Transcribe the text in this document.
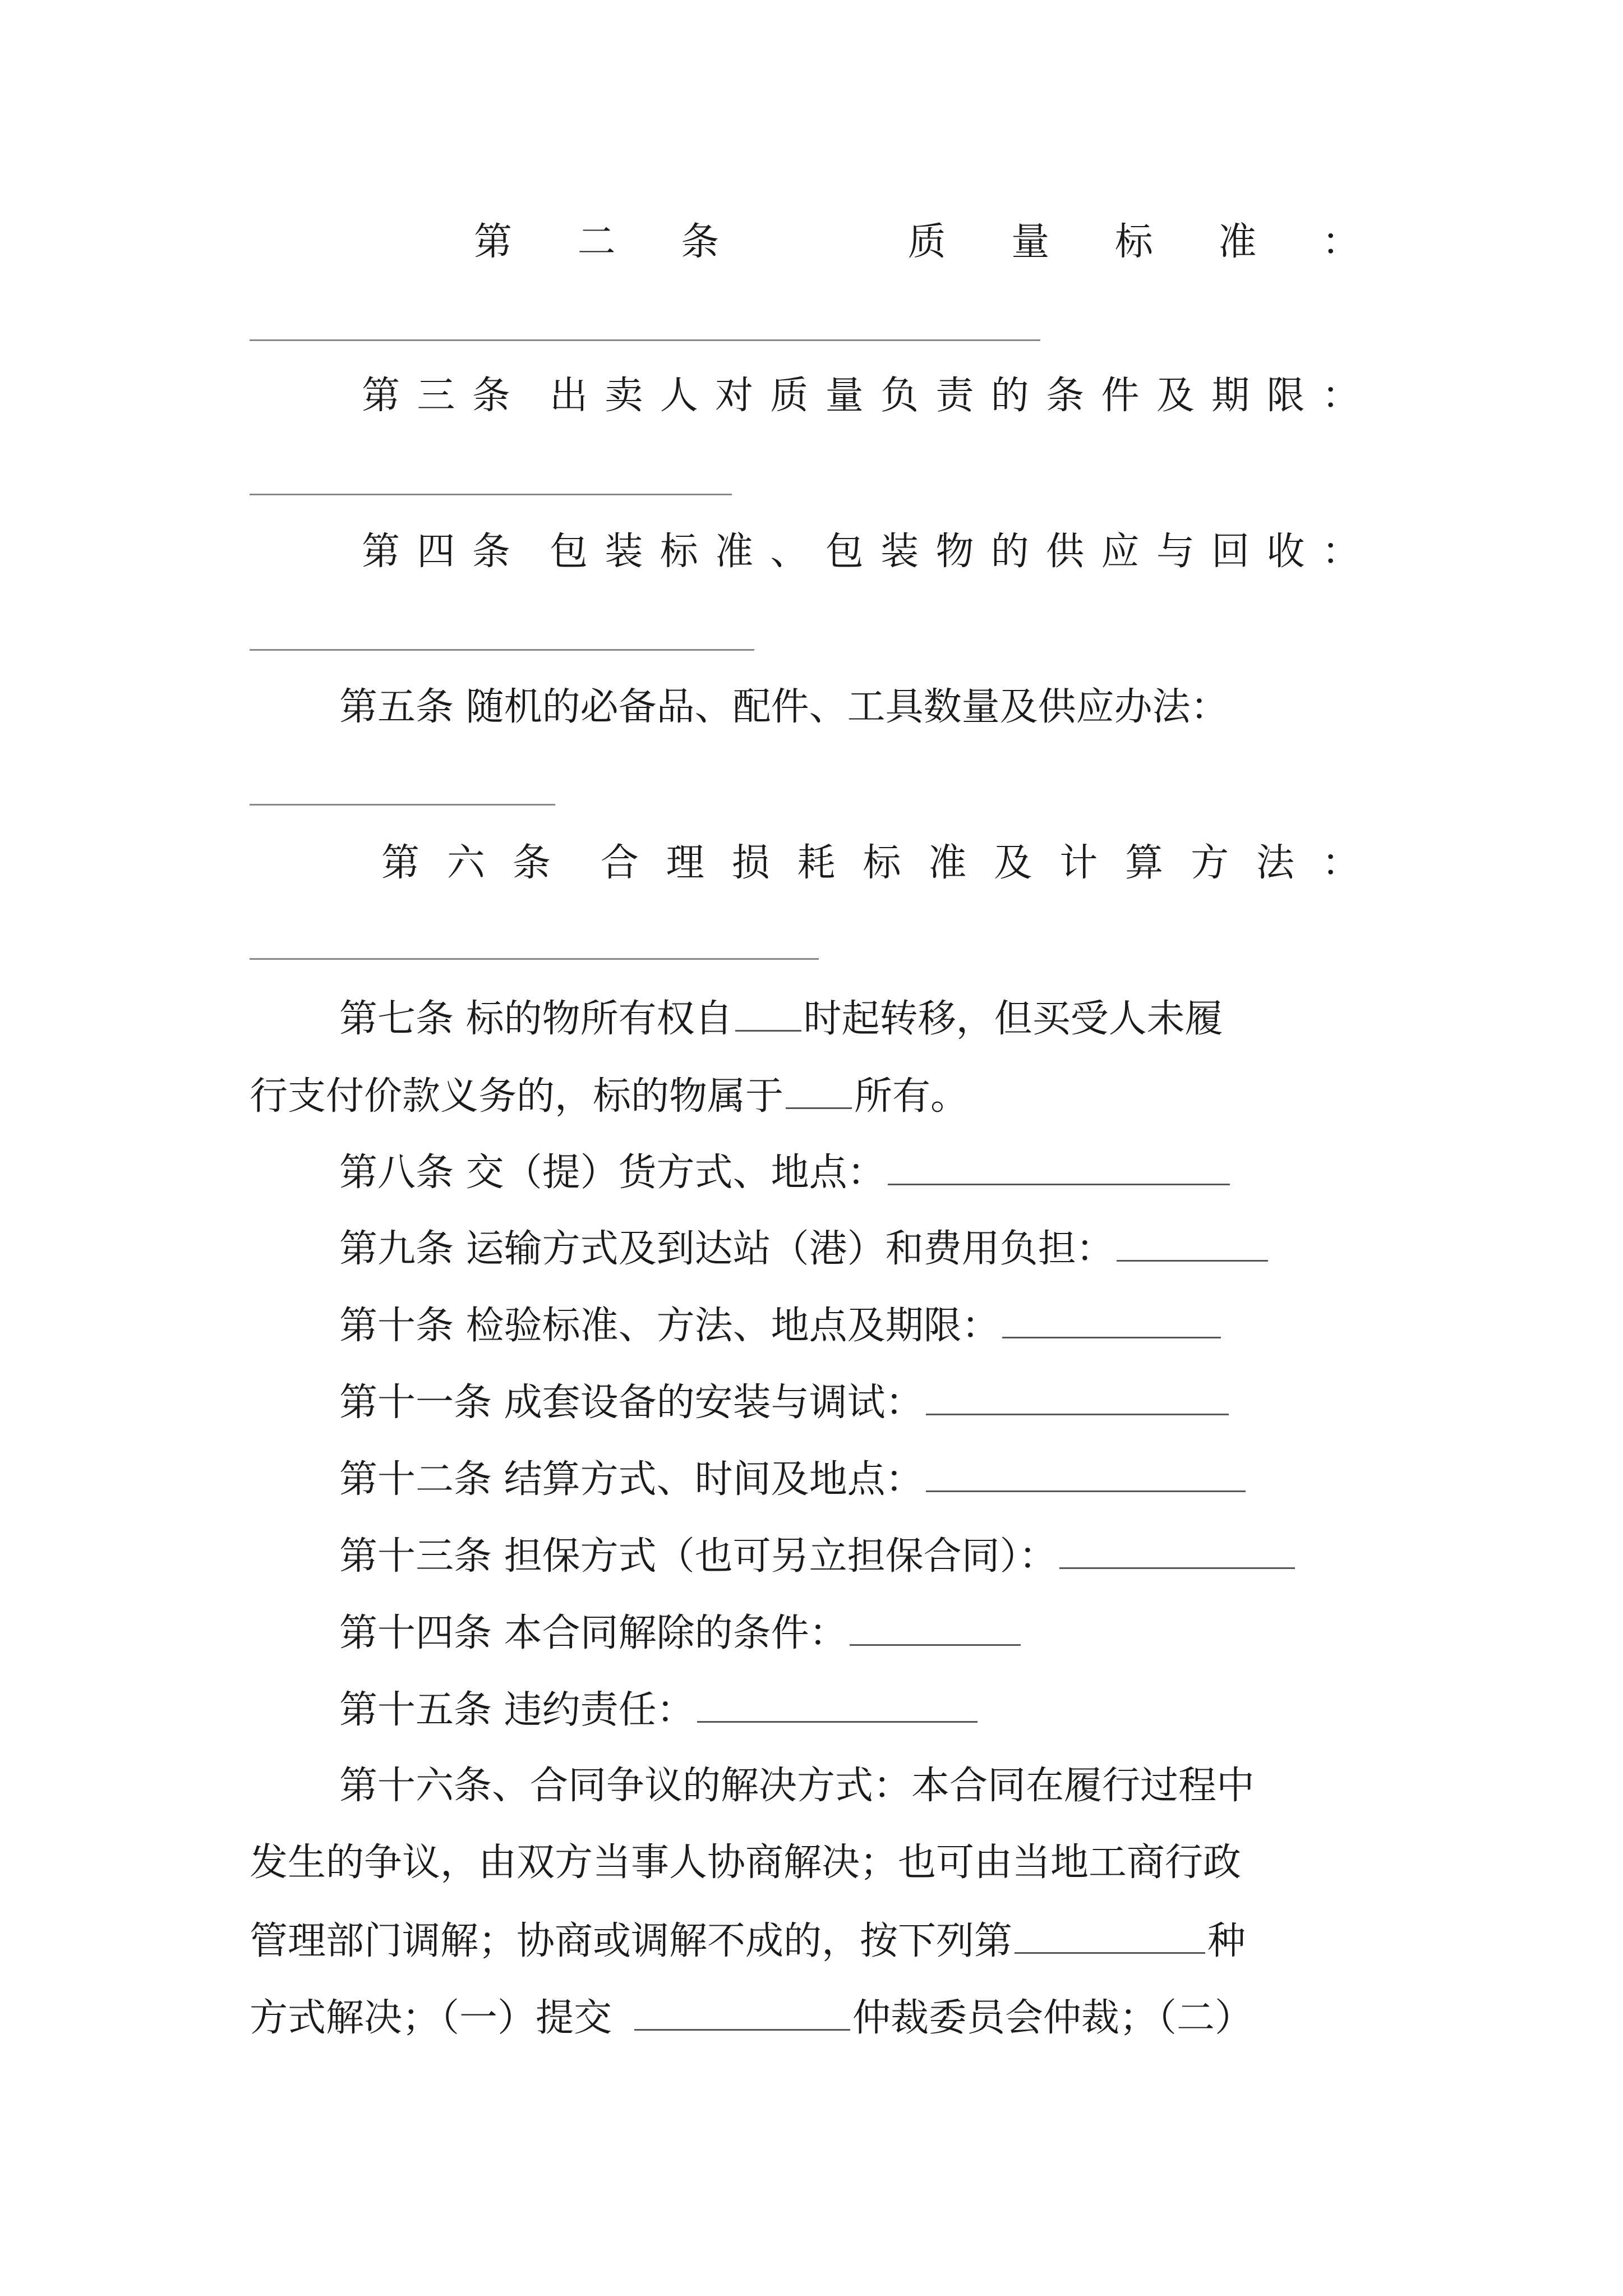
第 二 条	质 量 标 准 ：
第 三 条 出 卖 人 对 质 量 负 责 的 条 件 及 期 限 ：
第 四 条 包 装 标 准 、 包 装 物 的 供 应 与 回 收 ：
第五条 随机的必备品、配件、工具数量及供应办法：
第 六 条 合 理 损 耗 标 准 及 计 算 方 法 ：
第七条 标的物所有权自 时起转移，但买受人未履
行支付价款义务的，标的物属于 所有。
第八条 交（提）货方式、地点：
第九条 运输方式及到达站（港）和费用负担：
第十条 检验标准、方法、地点及期限：
第十一条 成套设备的安装与调试：
第十二条 结算方式、时间及地点：
第十三条 担保方式（也可另立担保合同）：
第十四条 本合同解除的条件：
第十五条 违约责任：
第十六条、合同争议的解决方式：本合同在履行过程中
发生的争议，由双方当事人协商解决；也可由当地工商行政
管理部门调解；协商或调解不成的，按下列第	种
方式解决；（一）提交	仲裁委员会仲裁；（二）
